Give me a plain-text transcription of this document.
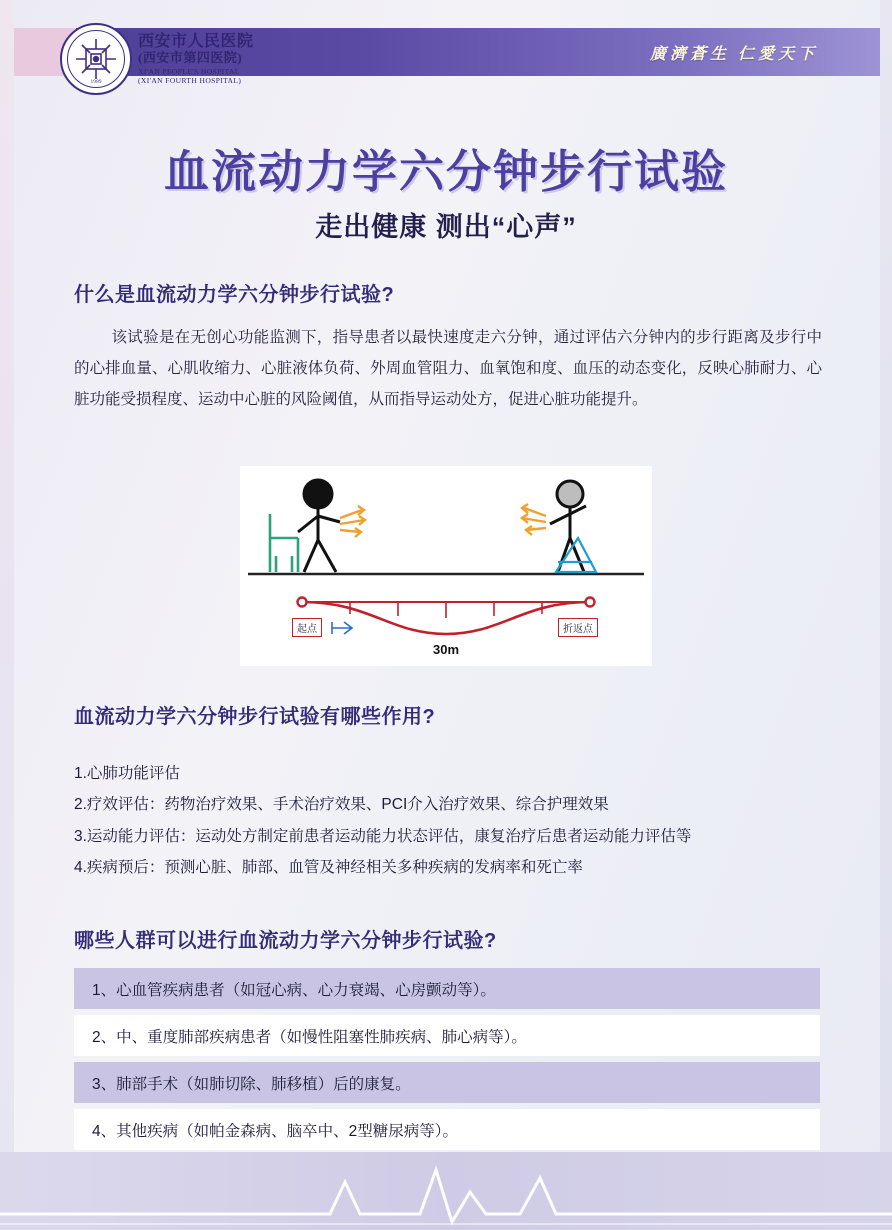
廣濟蒼生 仁愛天下
1989
西安市人民医院
(西安市第四医院)
XI'AN PEOPLE'S HOSPITAL
(XI'AN FOURTH HOSPITAL)
血流动力学六分钟步行试验
走出健康 测出“心声”
什么是血流动力学六分钟步行试验?
该试验是在无创心功能监测下，指导患者以最快速度走六分钟，通过评估六分钟内的步行距离及步行中的心排血量、心肌收缩力、心脏液体负荷、外周血管阻力、血氧饱和度、血压的动态变化，反映心肺耐力、心脏功能受损程度、运动中心脏的风险阈值，从而指导运动处方，促进心脏功能提升。
起点	折返点
30m
血流动力学六分钟步行试验有哪些作用?
1.心肺功能评估
2.疗效评估：药物治疗效果、手术治疗效果、PCI介入治疗效果、综合护理效果
3.运动能力评估：运动处方制定前患者运动能力状态评估，康复治疗后患者运动能力评估等
4.疾病预后：预测心脏、肺部、血管及神经相关多种疾病的发病率和死亡率
哪些人群可以进行血流动力学六分钟步行试验?
1、心血管疾病患者（如冠心病、心力衰竭、心房颤动等）。
2、中、重度肺部疾病患者（如慢性阻塞性肺疾病、肺心病等）。
3、肺部手术（如肺切除、肺移植）后的康复。
4、其他疾病（如帕金森病、脑卒中、2型糖尿病等）。
